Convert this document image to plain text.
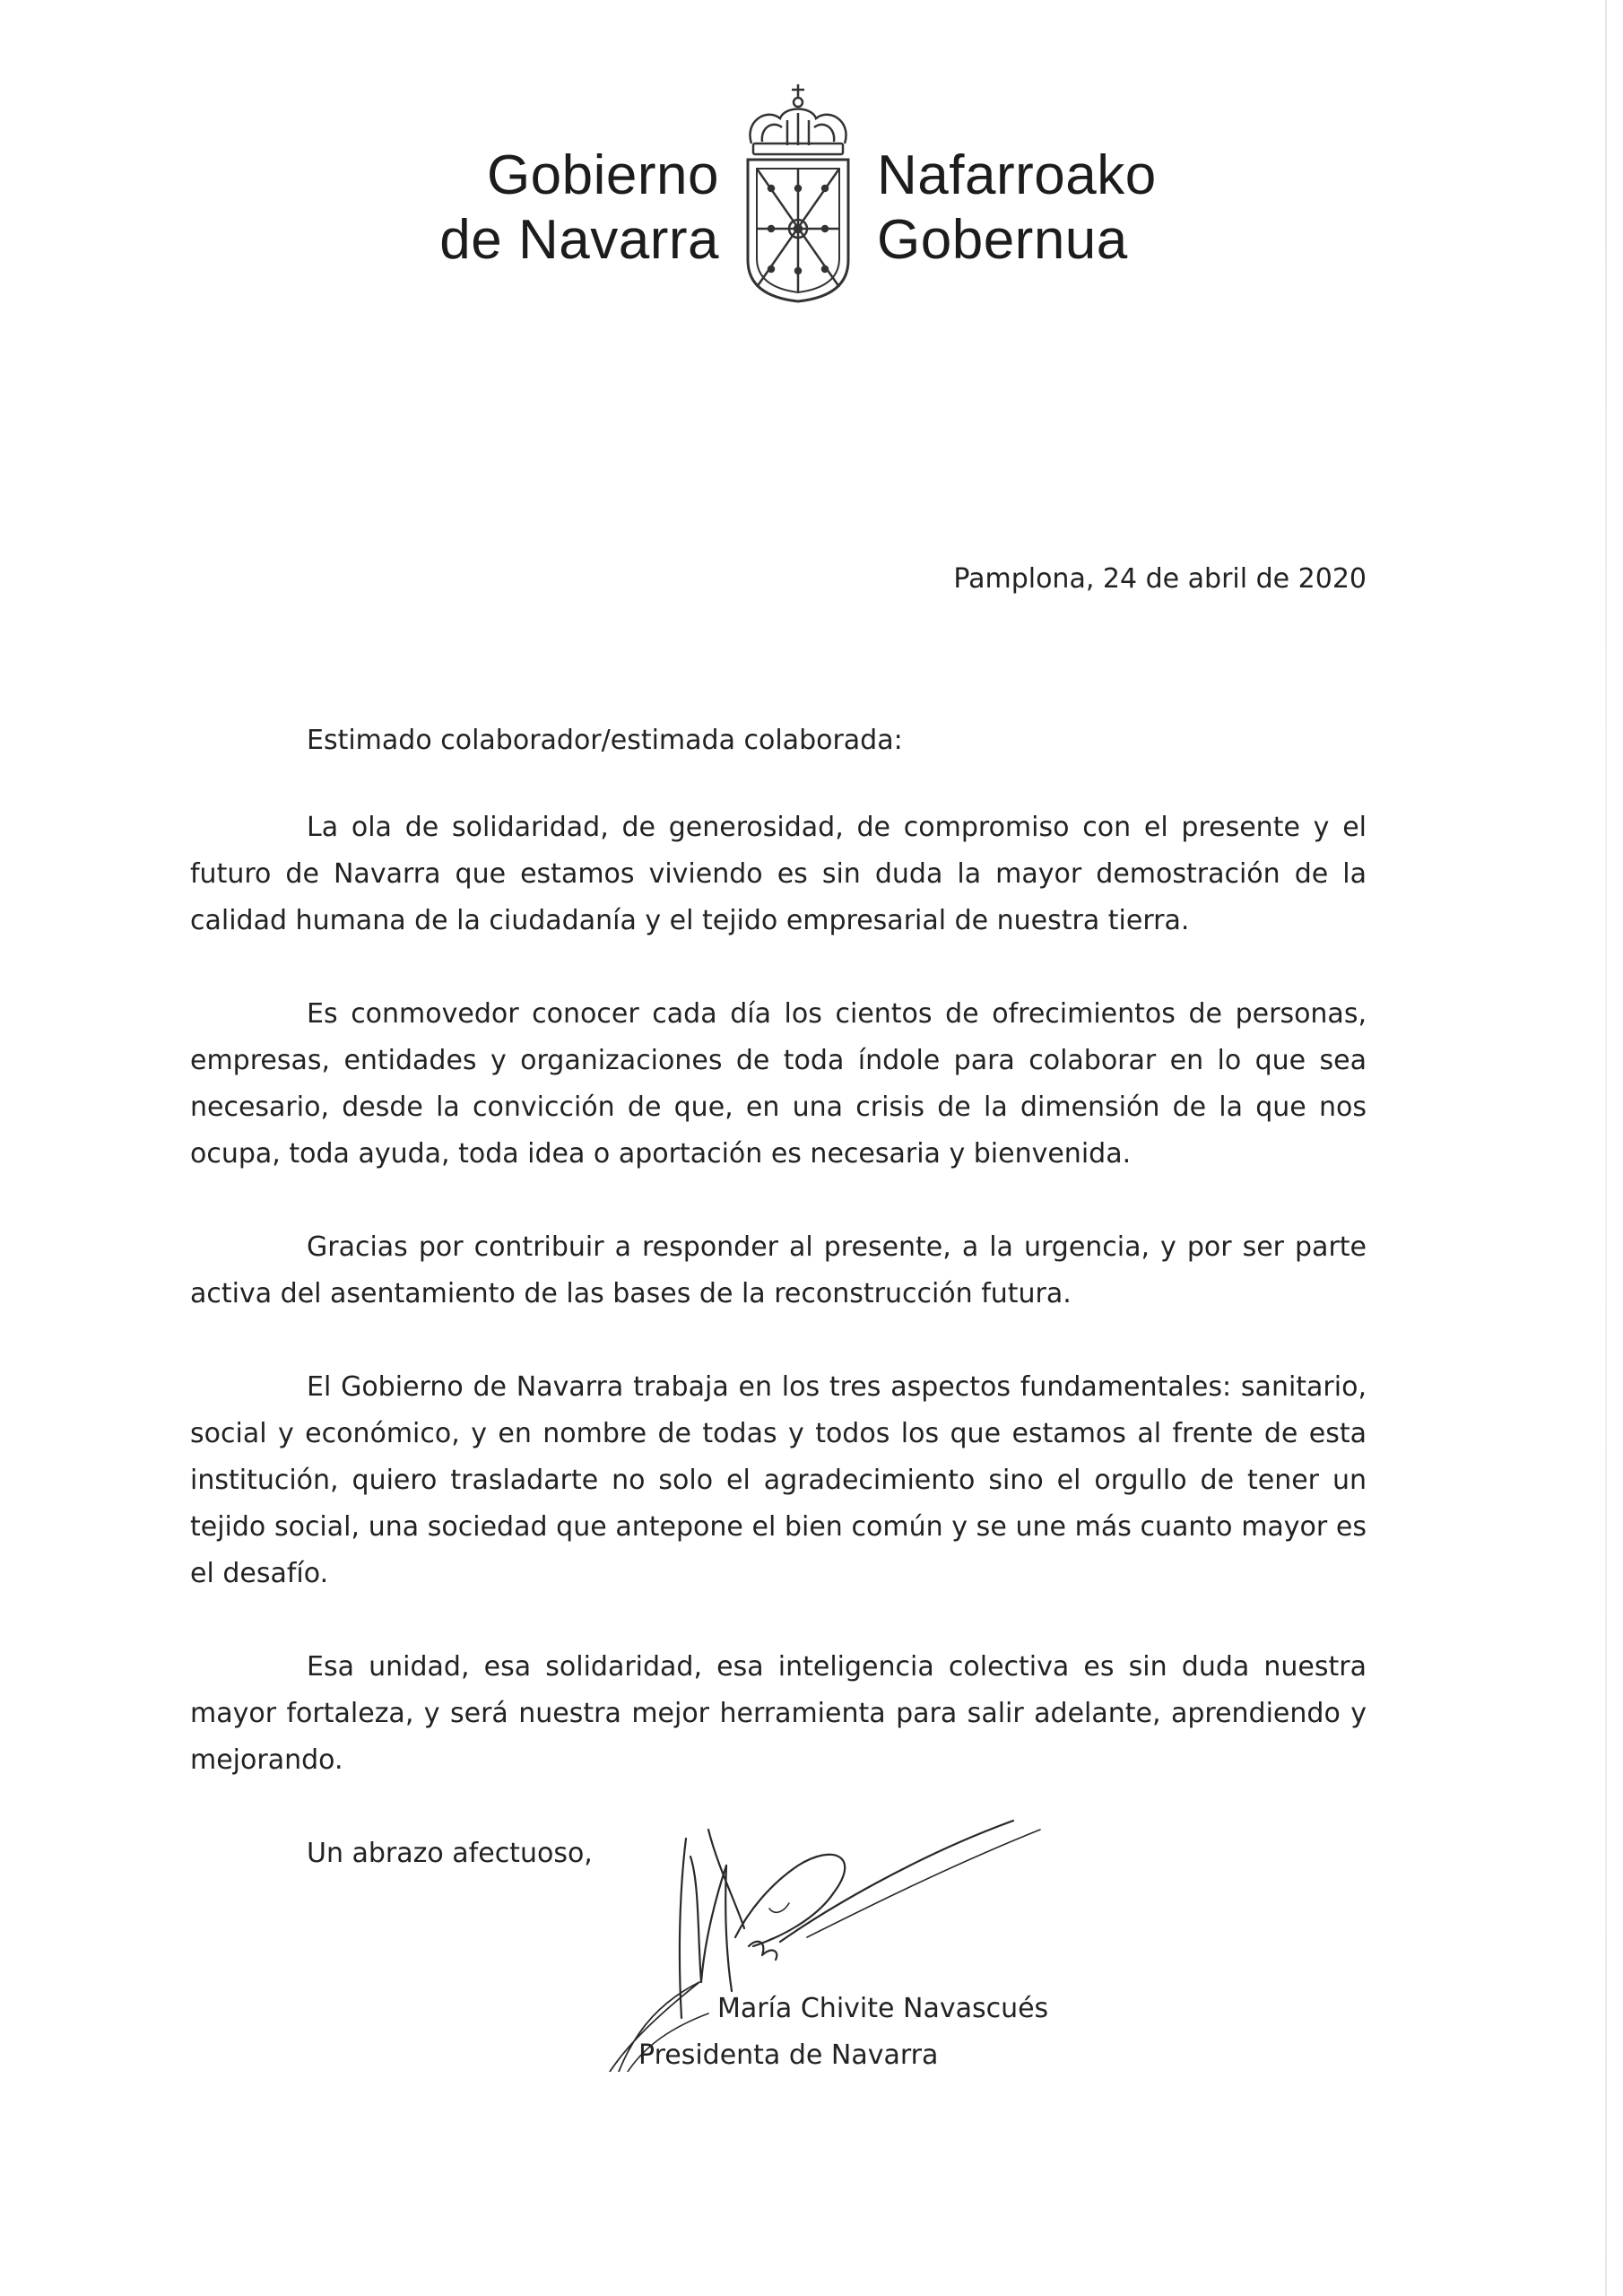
Gobierno
de Navarra
Nafarroako
Gobernua
Pamplona, 24 de abril de 2020
Estimado colaborador/estimada colaborada:

La ola de solidaridad, de generosidad, de compromiso con el presente y el futuro de Navarra que estamos viviendo es sin duda la mayor demostración de la calidad humana de la ciudadanía y el tejido empresarial de nuestra tierra.

Es conmovedor conocer cada día los cientos de ofrecimientos de personas, empresas, entidades y organizaciones de toda índole para colaborar en lo que sea necesario, desde la convicción de que, en una crisis de la dimensión de la que nos ocupa, toda ayuda, toda idea o aportación es necesaria y bienvenida.

Gracias por contribuir a responder al presente, a la urgencia, y por ser parte activa del asentamiento de las bases de la reconstrucción futura.

El Gobierno de Navarra trabaja en los tres aspectos fundamentales: sanitario, social y económico, y en nombre de todas y todos los que estamos al frente de esta institución, quiero trasladarte no solo el agradecimiento sino el orgullo de tener un tejido social, una sociedad que antepone el bien común y se une más cuanto mayor es el desafío.

Esa unidad, esa solidaridad, esa inteligencia colectiva es sin duda nuestra mayor fortaleza, y será nuestra mejor herramienta para salir adelante, aprendiendo y mejorando.

Un abrazo afectuoso,
María Chivite Navascués
Presidenta de Navarra
